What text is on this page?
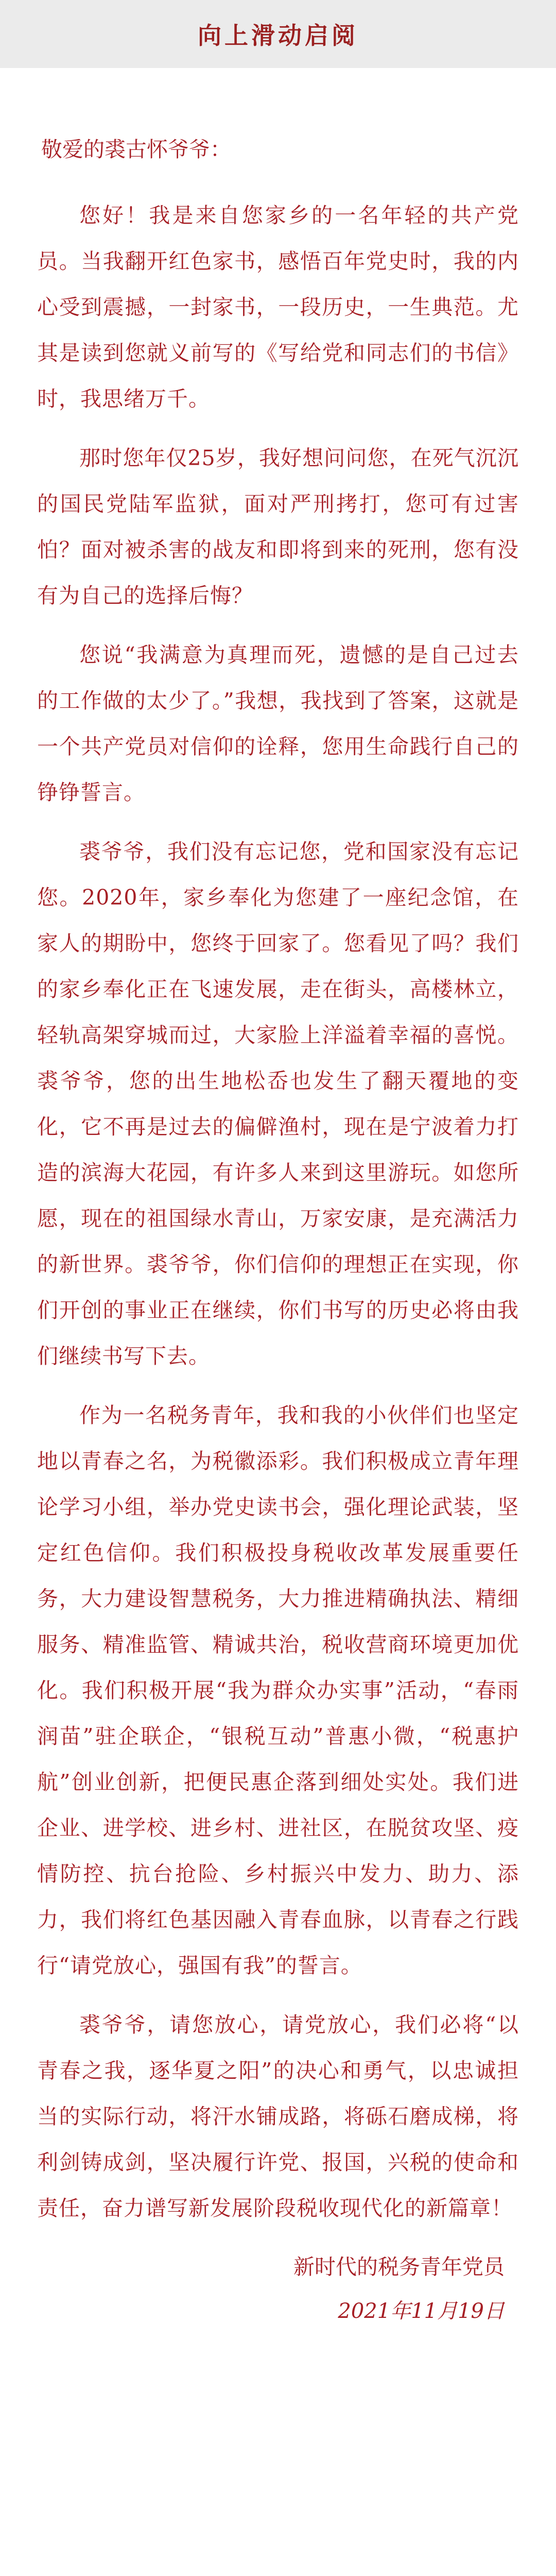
向上滑动启阅
敬爱的裘古怀爷爷：

您好！我是来自您家乡的一名年轻的共产党员。当我翻开红色家书，感悟百年党史时，我的内心受到震撼，一封家书，一段历史，一生典范。尤其是读到您就义前写的《写给党和同志们的书信》时，我思绪万千。

那时您年仅25岁，我好想问问您，在死气沉沉的国民党陆军监狱，面对严刑拷打，您可有过害怕？面对被杀害的战友和即将到来的死刑，您有没有为自己的选择后悔？

您说“我满意为真理而死，遗憾的是自己过去的工作做的太少了。”我想，我找到了答案，这就是一个共产党员对信仰的诠释，您用生命践行自己的铮铮誓言。

裘爷爷，我们没有忘记您，党和国家没有忘记您。2020年，家乡奉化为您建了一座纪念馆，在家人的期盼中，您终于回家了。您看见了吗？我们的家乡奉化正在飞速发展，走在街头，高楼林立，轻轨高架穿城而过，大家脸上洋溢着幸福的喜悦。裘爷爷，您的出生地松岙也发生了翻天覆地的变化，它不再是过去的偏僻渔村，现在是宁波着力打造的滨海大花园，有许多人来到这里游玩。如您所愿，现在的祖国绿水青山，万家安康，是充满活力的新世界。裘爷爷，你们信仰的理想正在实现，你们开创的事业正在继续，你们书写的历史必将由我们继续书写下去。

作为一名税务青年，我和我的小伙伴们也坚定地以青春之名，为税徽添彩。我们积极成立青年理论学习小组，举办党史读书会，强化理论武装，坚定红色信仰。我们积极投身税收改革发展重要任务，大力建设智慧税务，大力推进精确执法、精细服务、精准监管、精诚共治，税收营商环境更加优化。我们积极开展“我为群众办实事”活动，“春雨润苗”驻企联企，“银税互动”普惠小微，“税惠护航”创业创新，把便民惠企落到细处实处。我们进企业、进学校、进乡村、进社区，在脱贫攻坚、疫情防控、抗台抢险、乡村振兴中发力、助力、添力，我们将红色基因融入青春血脉，以青春之行践行“请党放心，强国有我”的誓言。

裘爷爷，请您放心，请党放心，我们必将“以青春之我，逐华夏之阳”的决心和勇气，以忠诚担当的实际行动，将汗水铺成路，将砾石磨成梯，将利剑铸成剑，坚决履行许党、报国，兴税的使命和责任，奋力谱写新发展阶段税收现代化的新篇章！

新时代的税务青年党员
2021年11月19日
